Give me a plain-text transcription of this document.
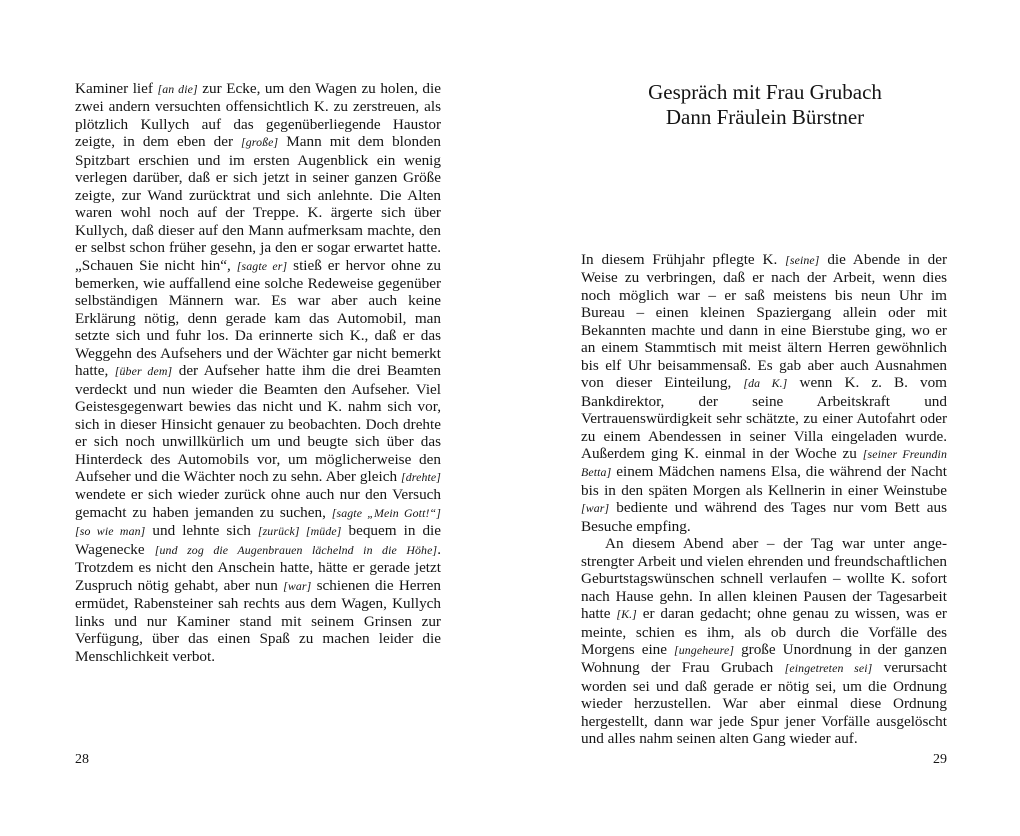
Kaminer lief [an die] zur Ecke, um den Wagen zu holen, die zwei andern versuchten offensichtlich K. zu zerstreuen, als plötzlich Kullych auf das gegenüberliegende Haustor zeigte, in dem eben der [große] Mann mit dem blonden Spitzbart erschien und im ersten Augenblick ein wenig verlegen darüber, daß er sich jetzt in seiner ganzen Größe zeigte, zur Wand zurücktrat und sich anlehnte. Die Alten waren wohl noch auf der Treppe. K. ärgerte sich über Kullych, daß dieser auf den Mann aufmerksam machte, den er selbst schon früher gesehn, ja den er sogar erwartet hatte. „Schauen Sie nicht hin“, [sagte er] stieß er hervor ohne zu bemerken, wie auffallend eine solche Redeweise gegenüber selbständigen Männern war. Es war aber auch keine Erklärung nötig, denn gerade kam das Automobil, man setzte sich und fuhr los. Da erinnerte sich K., daß er das Weggehn des Aufsehers und der Wächter gar nicht bemerkt hatte, [über dem] der Aufseher hatte ihm die drei Beamten verdeckt und nun wieder die Beamten den Aufseher. Viel Geistesgegenwart bewies das nicht und K. nahm sich vor, sich in dieser Hinsicht genauer zu beobachten. Doch drehte er sich noch unwillkürlich um und beugte sich über das Hinterdeck des Automobils vor, um möglicherweise den Aufseher und die Wächter noch zu sehn. Aber gleich [drehte] wendete er sich wieder zurück ohne auch nur den Versuch gemacht zu haben jemanden zu suchen, [sagte „Mein Gott!“] [so wie man] und lehnte sich [zurück] [müde] bequem in die Wagenecke [und zog die Augenbrauen lächelnd in die Höhe]. Trotzdem es nicht den Anschein hatte, hätte er gerade jetzt Zuspruch nötig gehabt, aber nun [war] schienen die Herren ermüdet, Rabensteiner sah rechts aus dem Wagen, Kullych links und nur Kaminer stand mit seinem Grinsen zur Verfügung, über das einen Spaß zu machen leider die Menschlichkeit verbot.

28
Gespräch mit Frau Grubach
Dann Fräulein Bürstner

In diesem Frühjahr pflegte K. [seine] die Abende in der Weise zu verbringen, daß er nach der Arbeit, wenn dies noch möglich war – er saß meistens bis neun Uhr im Bureau – einen kleinen Spaziergang allein oder mit Bekannten machte und dann in eine Bierstube ging, wo er an einem Stammtisch mit meist ältern Herren gewöhnlich bis elf Uhr beisammensaß. Es gab aber auch Ausnahmen von dieser Einteilung, [da K.] wenn K. z. B. vom Bankdirektor, der seine Arbeitskraft und Vertrauenswürdigkeit sehr schätzte, zu einer Autofahrt oder zu einem Abendessen in seiner Villa eingeladen wurde. Außerdem ging K. einmal in der Woche zu [seiner Freundin Betta] einem Mädchen namens Elsa, die während der Nacht bis in den späten Morgen als Kellnerin in einer Weinstube [war] bediente und während des Tages nur vom Bett aus Besuche empfing.

An diesem Abend aber – der Tag war unter angestrengter Arbeit und vielen ehrenden und freundschaftlichen Geburtstagswünschen schnell verlaufen – wollte K. sofort nach Hause gehn. In allen kleinen Pausen der Tagesarbeit hatte [K.] er daran gedacht; ohne genau zu wissen, was er meinte, schien es ihm, als ob durch die Vorfälle des Morgens eine [ungeheure] große Unordnung in der ganzen Wohnung der Frau Grubach [eingetreten sei] verursacht worden sei und daß gerade er nötig sei, um die Ordnung wieder herzustellen. War aber einmal diese Ordnung hergestellt, dann war jede Spur jener Vorfälle ausgelöscht und alles nahm seinen alten Gang wieder auf.

29
